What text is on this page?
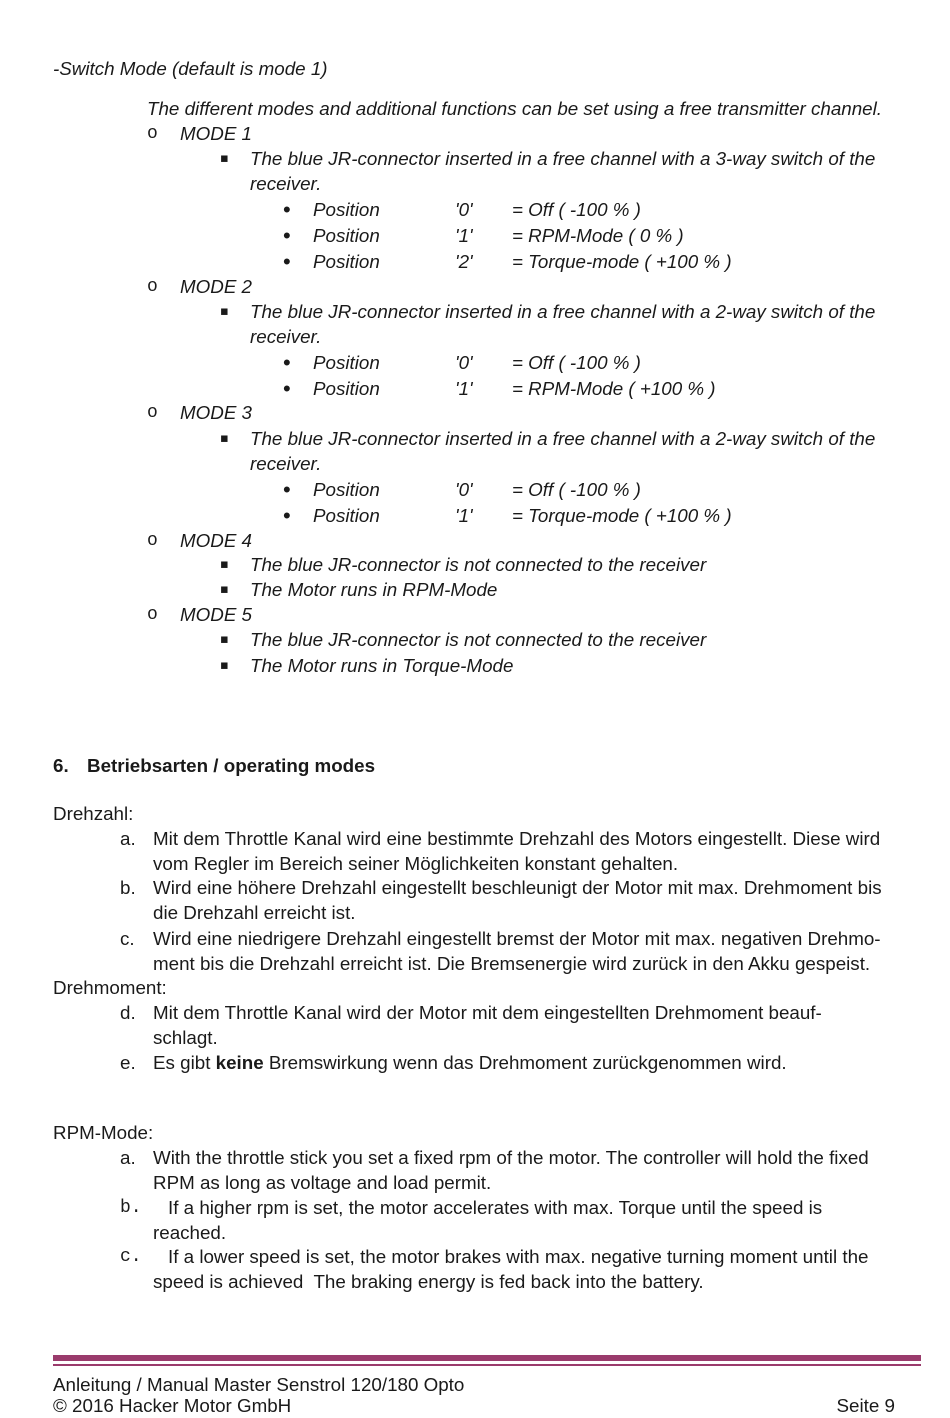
-Switch Mode (default is mode 1)
The different modes and additional functions can be set using a free transmitter channel.
o MODE 1
▪ The blue JR-connector inserted in a free channel with a 3-way switch of the
receiver.
• Position	'0' = Off ( -100 % )
• Position	'1' = RPM-Mode ( 0 % )
• Position	'2' = Torque-mode ( +100 % )
o MODE 2
▪ The blue JR-connector inserted in a free channel with a 2-way switch of the
receiver.
• Position	'0' = Off ( -100 % )
• Position	'1' = RPM-Mode ( +100 % )
o MODE 3
▪ The blue JR-connector inserted in a free channel with a 2-way switch of the
receiver.
• Position	'0' = Off ( -100 % )
• Position	'1' = Torque-mode ( +100 % )
o MODE 4
▪ The blue JR-connector is not connected to the receiver
▪ The Motor runs in RPM-Mode
o MODE 5
▪ The blue JR-connector is not connected to the receiver
▪ The Motor runs in Torque-Mode
6. Betriebsarten / operating modes
Drehzahl:
a. Mit dem Throttle Kanal wird eine bestimmte Drehzahl des Motors eingestellt. Diese wird
vom Regler im Bereich seiner Möglichkeiten konstant gehalten.
b. Wird eine höhere Drehzahl eingestellt beschleunigt der Motor mit max. Drehmoment bis
die Drehzahl erreicht ist.
c. Wird eine niedrigere Drehzahl eingestellt bremst der Motor mit max. negativen Drehmo-
ment bis die Drehzahl erreicht ist. Die Bremsenergie wird zurück in den Akku gespeist.
Drehmoment:
d. Mit dem Throttle Kanal wird der Motor mit dem eingestellten Drehmoment beauf-
schlagt.
e. Es gibt keine Bremswirkung wenn das Drehmoment zurückgenommen wird.
RPM-Mode:
a. With the throttle stick you set a fixed rpm of the motor. The controller will hold the fixed
RPM as long as voltage and load permit.
b. If a higher rpm is set, the motor accelerates with max. Torque until the speed is
reached.
c. If a lower speed is set, the motor brakes with max. negative turning moment until the
speed is achieved  The braking energy is fed back into the battery.
Anleitung / Manual Master Senstrol 120/180 Opto
© 2016 Hacker Motor GmbH	Seite 9
